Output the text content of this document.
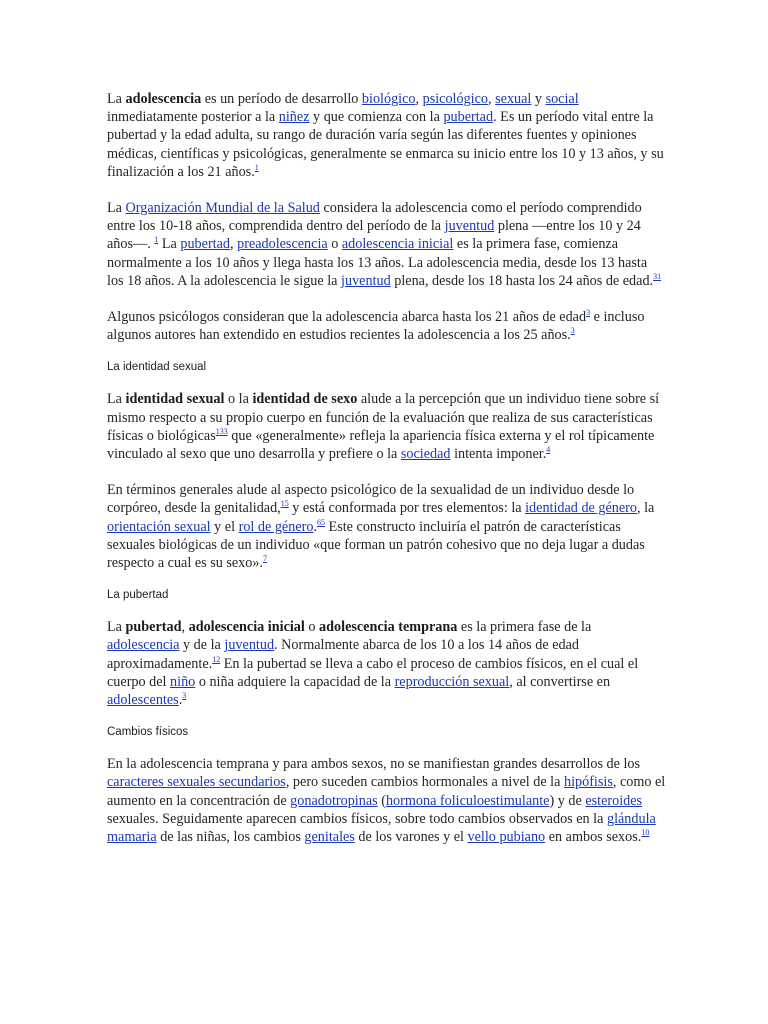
La adolescencia es un período de desarrollo biológico, psicológico, sexual y social inmediatamente posterior a la niñez y que comienza con la pubertad. Es un período vital entre la pubertad y la edad adulta, su rango de duración varía según las diferentes fuentes y opiniones médicas, científicas y psicológicas, generalmente se enmarca su inicio entre los 10 y 13 años, y su finalización a los 21 años.$^1$

La Organización Mundial de la Salud considera la adolescencia como el período comprendido entre los 10-18 años, comprendida dentro del período de la juventud plena —entre los 10 y 24 años—. $^1$ La pubertad, preadolescencia o adolescencia inicial es la primera fase, comienza normalmente a los 10 años y llega hasta los 13 años. La adolescencia media, desde los 13 hasta los 18 años. A la adolescencia le sigue la juventud plena, desde los 18 hasta los 24 años de edad.$^{31}$

Algunos psicólogos consideran que la adolescencia abarca hasta los 21 años de edad$^3$ e incluso algunos autores han extendido en estudios recientes la adolescencia a los 25 años.$^3$

La identidad sexual

La identidad sexual o la identidad de sexo alude a la percepción que un individuo tiene sobre sí mismo respecto a su propio cuerpo en función de la evaluación que realiza de sus características físicas o biológicas$^{133}$ que «generalmente» refleja la apariencia física externa y el rol típicamente vinculado al sexo que uno desarrolla y prefiere o la sociedad intenta imponer.$^4$

En términos generales alude al aspecto psicológico de la sexualidad de un individuo desde lo corpóreo, desde la genitalidad,$^{15}$ y está conformada por tres elementos: la identidad de género, la orientación sexual y el rol de género.$^{65}$ Este constructo incluiría el patrón de características sexuales biológicas de un individuo «que forman un patrón cohesivo que no deja lugar a dudas respecto a cual es su sexo».$^7$

La pubertad

La pubertad, adolescencia inicial o adolescencia temprana es la primera fase de la adolescencia y de la juventud. Normalmente abarca de los 10 a los 14 años de edad aproximadamente.$^{12}$ En la pubertad se lleva a cabo el proceso de cambios físicos, en el cual el cuerpo del niño o niña adquiere la capacidad de la reproducción sexual, al convertirse en adolescentes.$^3$

Cambios físicos

En la adolescencia temprana y para ambos sexos, no se manifiestan grandes desarrollos de los caracteres sexuales secundarios, pero suceden cambios hormonales a nivel de la hipófisis, como el aumento en la concentración de gonadotropinas (hormona foliculoestimulante) y de esteroides sexuales. Seguidamente aparecen cambios físicos, sobre todo cambios observados en la glándula mamaria de las niñas, los cambios genitales de los varones y el vello pubiano en ambos sexos.$^{10}$
